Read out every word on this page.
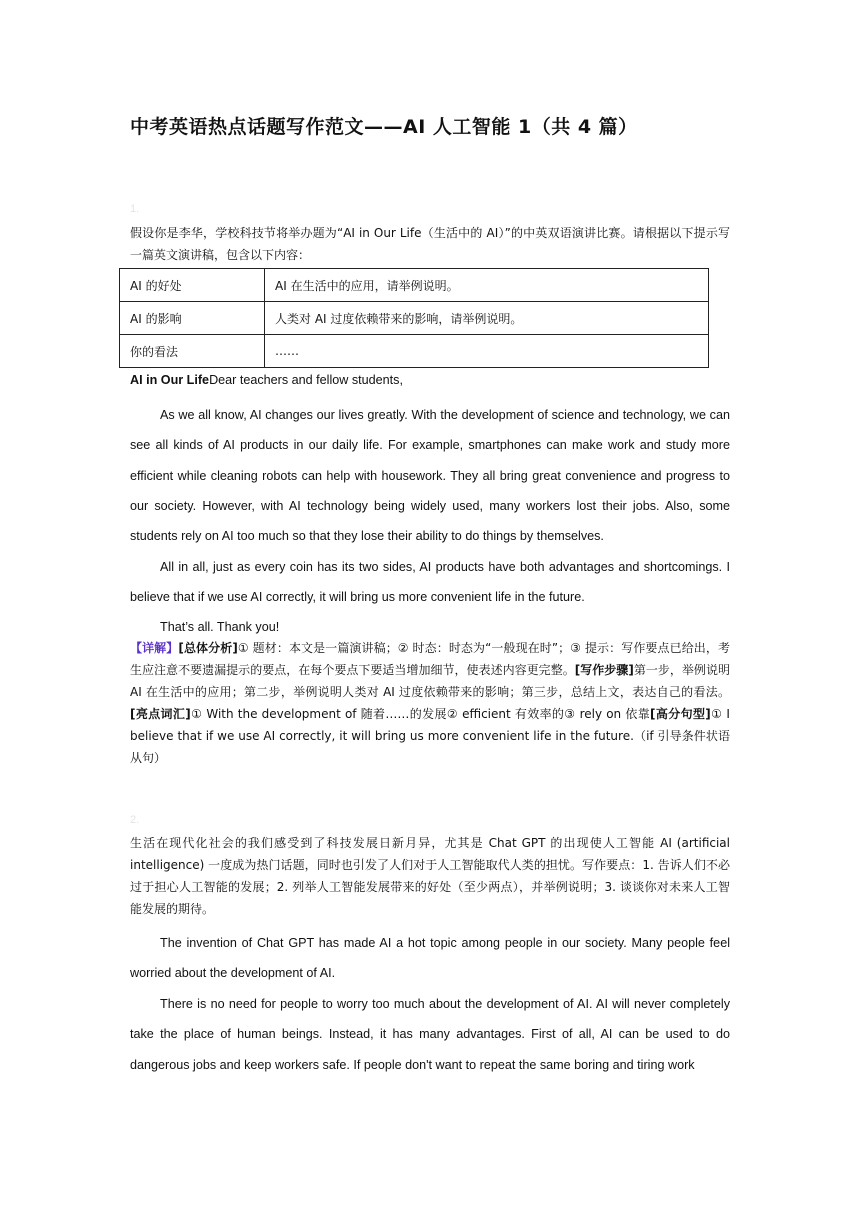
中考英语热点话题写作范文——AI 人工智能 1（共 4 篇）
1.
假设你是李华，学校科技节将举办题为“AI in Our Life（生活中的 AI）”的中英双语演讲比赛。请根据以下提示写一篇英文演讲稿，包含以下内容：
AI 的好处	AI 在生活中的应用，请举例说明。
AI 的影响	人类对 AI 过度依赖带来的影响，请举例说明。
你的看法	……
AI in Our LifeDear teachers and fellow students,
As we all know, AI changes our lives greatly. With the development of science and technology, we can see all kinds of AI products in our daily life. For example, smartphones can make work and study more efficient while cleaning robots can help with housework. They all bring great convenience and progress to our society. However, with AI technology being widely used, many workers lost their jobs. Also, some students rely on AI too much so that they lose their ability to do things by themselves.
All in all, just as every coin has its two sides, AI products have both advantages and shortcomings. I believe that if we use AI correctly, it will bring us more convenient life in the future.
That’s all. Thank you!
【详解】[总体分析]① 题材：本文是一篇演讲稿；② 时态：时态为“一般现在时”；③ 提示：写作要点已给出，考生应注意不要遗漏提示的要点，在每个要点下要适当增加细节，使表述内容更完整。[写作步骤]第一步，举例说明 AI 在生活中的应用；第二步，举例说明人类对 AI 过度依赖带来的影响；第三步，总结上文，表达自己的看法。[亮点词汇]① With the development of 随着……的发展② efficient 有效率的③ rely on 依靠[高分句型]① I believe that if we use AI correctly, it will bring us more convenient life in the future.（if 引导条件状语从句）
2.
生活在现代化社会的我们感受到了科技发展日新月异，尤其是 Chat GPT 的出现使人工智能 AI (artificial intelligence) 一度成为热门话题，同时也引发了人们对于人工智能取代人类的担忧。写作要点：1. 告诉人们不必过于担心人工智能的发展；2. 列举人工智能发展带来的好处（至少两点），并举例说明；3. 谈谈你对未来人工智能发展的期待。
The invention of Chat GPT has made AI a hot topic among people in our society. Many people feel worried about the development of AI.
There is no need for people to worry too much about the development of AI. AI will never completely take the place of human beings. Instead, it has many advantages. First of all, AI can be used to do dangerous jobs and keep workers safe. If people don't want to repeat the same boring and tiring work
